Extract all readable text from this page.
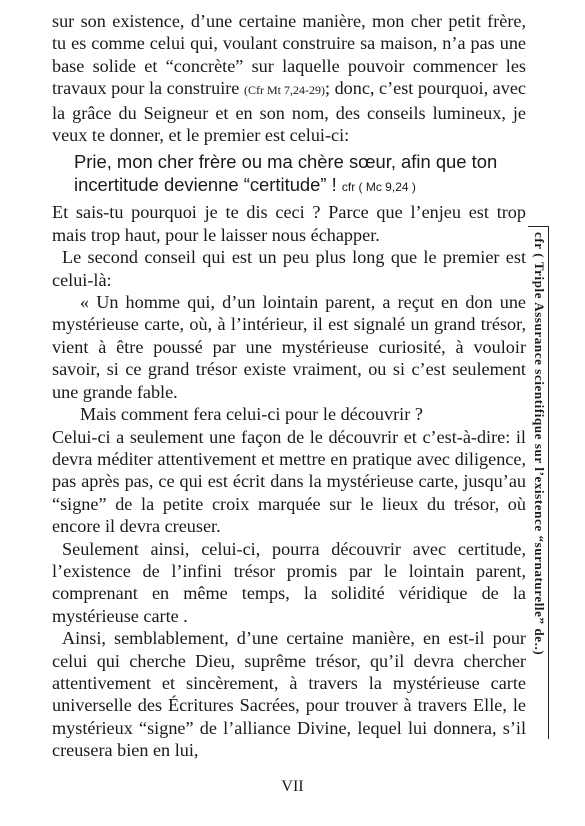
sur son existence, d’une certaine manière, mon cher petit frère, tu es comme celui qui, voulant construire sa maison, n’a pas une base solide et “concrète” sur laquelle pouvoir commencer les travaux pour la construire (Cfr Mt 7,24-29); donc, c’est pourquoi, avec la grâce du Seigneur et en son nom, des conseils lumineux, je veux te donner, et le premier est celui-ci:

Prie, mon cher frère ou ma chère sœur, afin que ton incertitude devienne “certitude” ! cfr ( Mc 9,24 )

Et sais-tu pourquoi je te dis ceci ? Parce que l’enjeu est trop mais trop haut, pour le laisser nous échapper.

Le second conseil qui est un peu plus long que le premier est celui-là:

« Un homme qui, d’un lointain parent, a reçut en don une mystérieuse carte, où, à l’intérieur, il est signalé un grand trésor, vient à être poussé par une mystérieuse curiosité, à vouloir savoir, si ce grand trésor existe vraiment, ou si c’est seulement une grande fable.

Mais comment fera celui-ci pour le découvrir ?

Celui-ci a seulement une façon de le découvrir et c’est-à-dire: il devra méditer attentivement et mettre en pratique avec diligence, pas après pas, ce qui est écrit dans la mystérieuse carte, jusqu’au “signe” de la petite croix marquée sur le lieux du trésor, où encore il devra creuser.

Seulement ainsi, celui-ci, pourra découvrir avec certitude, l’existence de l’infini trésor promis par le lointain parent, comprenant en même temps, la solidité véridique de la mystérieuse carte .

Ainsi, semblablement, d’une certaine manière, en est-il pour celui qui cherche Dieu, suprême trésor, qu’il devra chercher attentivement et sincèrement, à travers la mystérieuse carte universelle des Écritures Sacrées, pour trouver à travers Elle, le mystérieux “signe” de l’alliance Divine, lequel lui donnera, s’il creusera bien en lui,

cfr ( Triple Assurance scientifique sur l’existence “surnaturelle” de..)
VII
